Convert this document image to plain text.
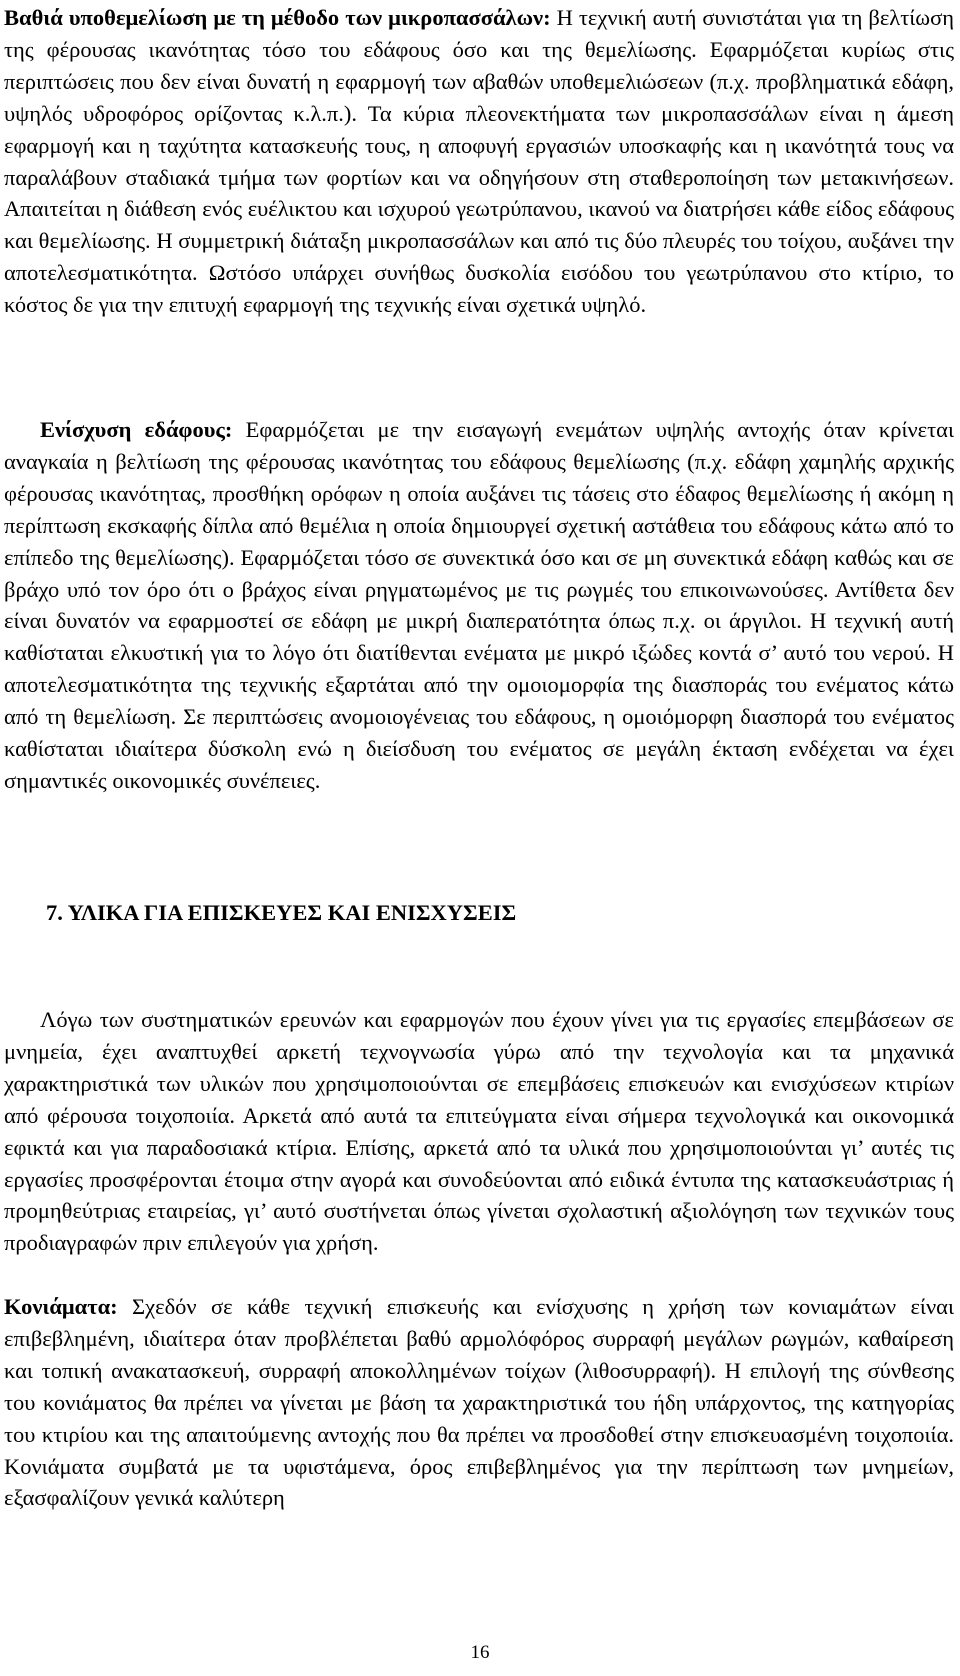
Βαθιά υποθεμελίωση με τη μέθοδο των μικροπασσάλων: Η τεχνική αυτή συνιστάται για τη βελτίωση της φέρουσας ικανότητας τόσο του εδάφους όσο και της θεμελίωσης. Εφαρμόζεται κυρίως στις περιπτώσεις που δεν είναι δυνατή η εφαρμογή των αβαθών υποθεμελιώσεων (π.χ. προβληματικά εδάφη, υψηλός υδροφόρος ορίζοντας κ.λ.π.). Τα κύρια πλεονεκτήματα των μικροπασσάλων είναι η άμεση εφαρμογή και η ταχύτητα κατασκευής τους, η αποφυγή εργασιών υποσκαφής και η ικανότητά τους να παραλάβουν σταδιακά τμήμα των φορτίων και να οδηγήσουν στη σταθεροποίηση των μετακινήσεων. Απαιτείται η διάθεση ενός ευέλικτου και ισχυρού γεωτρύπανου, ικανού να διατρήσει κάθε είδος εδάφους και θεμελίωσης. Η συμμετρική διάταξη μικροπασσάλων και από τις δύο πλευρές του τοίχου, αυξάνει την αποτελεσματικότητα. Ωστόσο υπάρχει συνήθως δυσκολία εισόδου του γεωτρύπανου στο κτίριο, το κόστος δε για την επιτυχή εφαρμογή της τεχνικής είναι σχετικά υψηλό.

Ενίσχυση εδάφους: Εφαρμόζεται με την εισαγωγή ενεμάτων υψηλής αντοχής όταν κρίνεται αναγκαία η βελτίωση της φέρουσας ικανότητας του εδάφους θεμελίωσης (π.χ. εδάφη χαμηλής αρχικής φέρουσας ικανότητας, προσθήκη ορόφων η οποία αυξάνει τις τάσεις στο έδαφος θεμελίωσης ή ακόμη η περίπτωση εκσκαφής δίπλα από θεμέλια η οποία δημιουργεί σχετική αστάθεια του εδάφους κάτω από το επίπεδο της θεμελίωσης). Εφαρμόζεται τόσο σε συνεκτικά όσο και σε μη συνεκτικά εδάφη καθώς και σε βράχο υπό τον όρο ότι ο βράχος είναι ρηγματωμένος με τις ρωγμές του επικοινωνούσες. Αντίθετα δεν είναι δυνατόν να εφαρμοστεί σε εδάφη με μικρή διαπερατότητα όπως π.χ. οι άργιλοι. Η τεχνική αυτή καθίσταται ελκυστική για το λόγο ότι διατίθενται ενέματα με μικρό ιξώδες κοντά σ’ αυτό του νερού. Η αποτελεσματικότητα της τεχνικής εξαρτάται από την ομοιομορφία της διασποράς του ενέματος κάτω από τη θεμελίωση. Σε περιπτώσεις ανομοιογένειας του εδάφους, η ομοιόμορφη διασπορά του ενέματος καθίσταται ιδιαίτερα δύσκολη ενώ η διείσδυση του ενέματος σε μεγάλη έκταση ενδέχεται να έχει σημαντικές οικονομικές συνέπειες.

7. ΥΛΙΚΑ ΓΙΑ ΕΠΙΣΚΕΥΕΣ ΚΑΙ ΕΝΙΣΧΥΣΕΙΣ

Λόγω των συστηματικών ερευνών και εφαρμογών που έχουν γίνει για τις εργασίες επεμβάσεων σε μνημεία, έχει αναπτυχθεί αρκετή τεχνογνωσία γύρω από την τεχνολογία και τα μηχανικά χαρακτηριστικά των υλικών που χρησιμοποιούνται σε επεμβάσεις επισκευών και ενισχύσεων κτιρίων από φέρουσα τοιχοποιία. Αρκετά από αυτά τα επιτεύγματα είναι σήμερα τεχνολογικά και οικονομικά εφικτά και για παραδοσιακά κτίρια. Επίσης, αρκετά από τα υλικά που χρησιμοποιούνται γι’ αυτές τις εργασίες προσφέρονται έτοιμα στην αγορά και συνοδεύονται από ειδικά έντυπα της κατασκευάστριας ή προμηθεύτριας εταιρείας, γι’ αυτό συστήνεται όπως γίνεται σχολαστική αξιολόγηση των τεχνικών τους προδιαγραφών πριν επιλεγούν για χρήση.

Κονιάματα: Σχεδόν σε κάθε τεχνική επισκευής και ενίσχυσης η χρήση των κονιαμάτων είναι επιβεβλημένη, ιδιαίτερα όταν προβλέπεται βαθύ αρμολόφόρος συρραφή μεγάλων ρωγμών, καθαίρεση και τοπική ανακατασκευή, συρραφή αποκολλημένων τοίχων (λιθοσυρραφή). Η επιλογή της σύνθεσης του κονιάματος θα πρέπει να γίνεται με βάση τα χαρακτηριστικά του ήδη υπάρχοντος, της κατηγορίας του κτιρίου και της απαιτούμενης αντοχής που θα πρέπει να προσδοθεί στην επισκευασμένη τοιχοποιία. Κονιάματα συμβατά με τα υφιστάμενα, όρος επιβεβλημένος για την περίπτωση των μνημείων, εξασφαλίζουν γενικά καλύτερη

16
